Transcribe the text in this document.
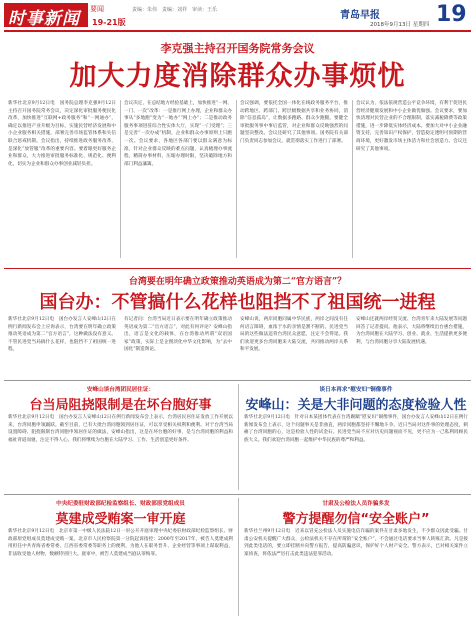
时事新闻 要闻
19-21版
责编：朱伟　责编：刘祥　审读：王乐	青岛早报
2018年9月13日 星期四 19
李克强主持召开国务院常务会议
加大力度消除群众办事烦忧
新华社北京9月12日电　国务院总理李克强9月12日主持召开国务院常务会议，决定深化审批服务便民化改革，加快推进“互联网+政务服务”和“一网通办”，确定以推进产业升级为目标，实施民营经济发展和中小企业服务相关措施，部署完善市场监管体系和失信联合惩戒机制。会议指出，持续推进政务服务改革，是深化“放管服”改革的重要内容。要着眼更好服务企业和群众，大力推进审批服务标准化、规范化、便利化，切实为企业和群众办事创业减轻负担。
会议决定，在总结地方经验基础上，加快推进“一网、一门、一次”改革：一是推行网上办理，企业和群众办事从“多地跑”变为“一地办”“网上办”；二是推动政务服务事项进驻综合性实体大厅，实现“一门受理”；三是完善“一次办成”机制，企业和群众办事原则上只跑一次。会议要求，各地区各部门要以群众满意为标准，针对企业群众反映的难点问题，认真梳理办事流程，精简办事材料，压缩办理时限，坚决破除地方和部门利益藩篱。
会议强调，要依托全国一体化在线政务服务平台，推动跨地区、跨部门、跨层级数据共享和业务协同，消除“信息孤岛”，让数据多跑路、群众少跑腿。要健全审批服务事中事后监管，对企业和群众反映强烈的问题坚决整改。会议还研究了其他事项。国务院有关部门负责同志参加会议，就贯彻落实工作进行了部署。
会议认为，依法依规营造公平竞争环境，有利于促进民营经济健康发展和中小企业做优做强。会议要求，要加快清理对民营企业的不合理限制，落实减税降费等政策措施，进一步降低实体经济成本。要加大对中小企业融资支持，完善知识产权保护，营造稳定透明可预期的营商环境，更好激发市场主体活力和社会创造力。会议还研究了其他事项。
台湾要在明年确立政策推动英语成为第二“官方语言”？
国台办：不管搞什么花样也阻挡不了祖国统一进程
新华社北京9月12日电　国台办发言人安峰山12日在例行新闻发布会上应询表示，台湾要在明年确立政策推动英语成为第二“官方语言”，这种做法没有意义。不管民进党当局搞什么花样，也阻挡不了祖国统一进程。
有记者问：台湾当局近日表示要在明年确立政策推动英语成为第二“官方语言”，对此有何评论？安峰山指出，语言是文化的载体，在台湾推动所谓“双语国家”政策，实际上是企图淡化中华文化影响，为“去中国化”制造舆论。
安峰山说，两岸同胞同属中华民族，两岸之间没有任何语言障碍，血浓于水的亲情是割不断的。民进党当局的这些做法违背台湾民众意愿，注定不会得逞。我们欢迎更多台湾同胞来大陆交流，共同推动两岸关系和平发展。
安峰山还就两岸经贸交流、台湾青年来大陆发展等问题回答了记者提问。他表示，大陆将继续出台惠台措施，为台湾同胞在大陆学习、创业、就业、生活提供更多便利，与台湾同胞分享大陆发展机遇。
安峰山谈台湾团民居住证：
台当局阻挠限制是在坏台胞好事
新华社北京9月12日电　国台办发言人安峰山12日在例行新闻发布会上表示，台湾居民居住证发放工作开展以来，台湾同胞申领踊跃。截至目前，已有大批台湾同胞领到居住证，可以享受相关权利和便利。对于台湾当局设置障碍、阻挠限制台湾同胞申领居住证的做法，安峰山指出，这是在坏台胞的好事，是与台湾同胞的利益和福祉背道而驰，注定不得人心。我们将继续为台胞在大陆学习、工作、生活创造更好条件。
谈日本再求"慰安妇"铜像事件
安峰山：关是大非问题的态度检验人性
新华社北京9月12日电　针对日本某团体代表在台湾踢踹“慰安妇”铜像事件，国台办发言人安峰山12日在例行新闻发布会上表示，这个问题事关是非曲直，两岸同胞都坚持不懈地斗争。近日当局对这件事的处理态度，刺痛了台湾同胞的心，这是检验人性的试金石。民进党当局不应对历史问题视而不见，更不应为一己私利罔顾民族大义。我们欢迎台湾同胞一起维护中华民族的尊严和利益。
中央纪委驻财政部纪检监察组长、财政部原党组成员
莫建成受贿案一审开庭
新华社北京9月12日电　北京市第一中级人民法院12日一审公开开庭审理中央纪委驻财政部纪检监察组长、财政部原党组成员莫建成受贿一案。北京市人民检察院第一分院起诉指控：2000年至2017年，被告人莫建成利用担任中共青海省委常委、江西省委常委等职务上的便利，为他人在职务晋升、企业经营等事项上谋取利益，非法收受他人财物，数额特别巨大。庭审中，被告人莫建成当庭认罪悔罪。
甘肃及公检法人员诈骗多发
警方提醒勿信“安全账户”
新华社兰州9月12日电　近来以冒充公检法人员实施电信诈骗的案件在甘肃多地发生，不少群众因此受骗。甘肃公安机关提醒广大群众，公检法机关不存在所谓的“安全账户”，不会通过电话要求当事人转账汇款。凡是接到此类电话的，要立即挂断并向警方报告，提高防骗意识，保护好个人财产安全。警方表示，已对相关案件立案侦查，将依法严厉打击此类违法犯罪活动。
